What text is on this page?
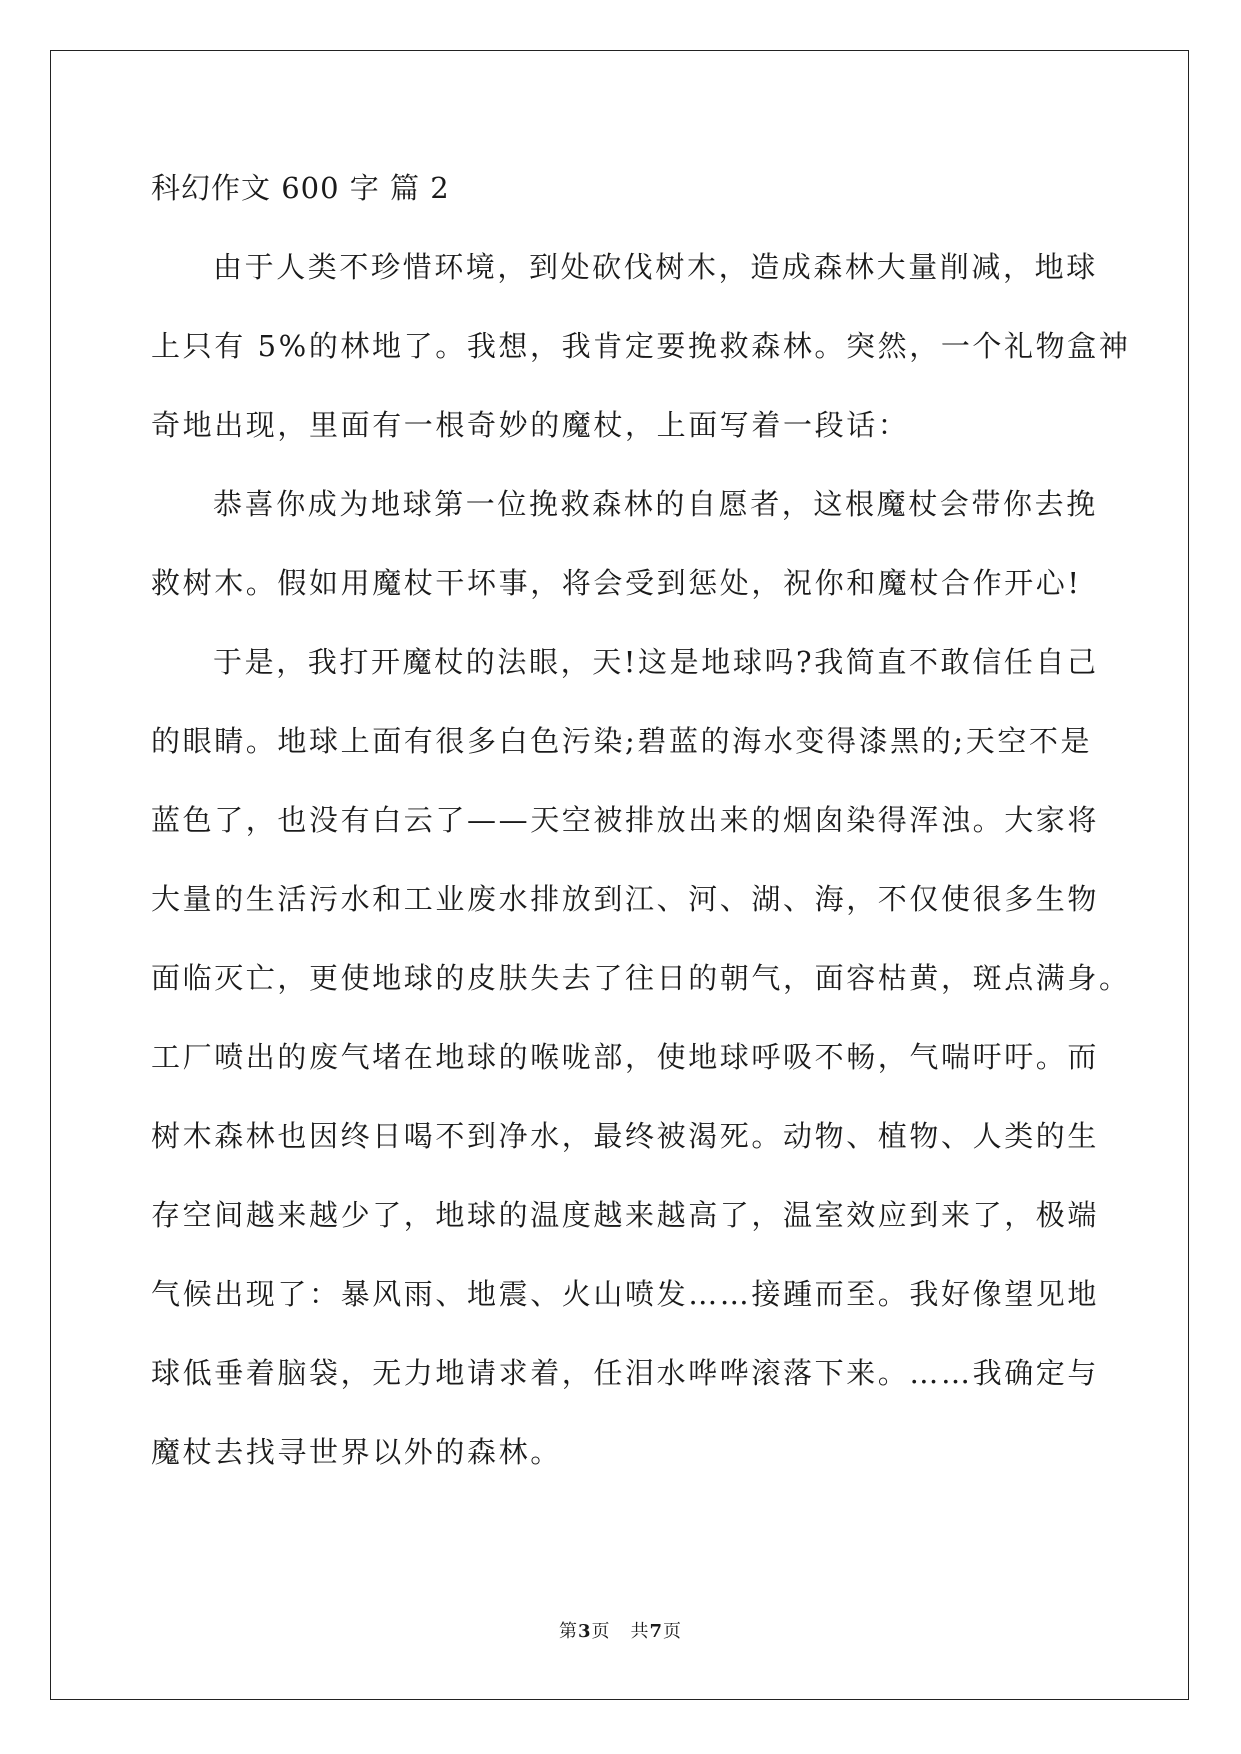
科幻作文 600 字 篇 2
由于人类不珍惜环境，到处砍伐树木，造成森林大量削减，地球
上只有 5%的林地了。我想，我肯定要挽救森林。突然，一个礼物盒神
奇地出现，里面有一根奇妙的魔杖，上面写着一段话：
恭喜你成为地球第一位挽救森林的自愿者，这根魔杖会带你去挽
救树木。假如用魔杖干坏事，将会受到惩处，祝你和魔杖合作开心!
于是，我打开魔杖的法眼，天!这是地球吗?我简直不敢信任自己
的眼睛。地球上面有很多白色污染;碧蓝的海水变得漆黑的;天空不是
蓝色了，也没有白云了——天空被排放出来的烟囱染得浑浊。大家将
大量的生活污水和工业废水排放到江、河、湖、海，不仅使很多生物
面临灭亡，更使地球的皮肤失去了往日的朝气，面容枯黄，斑点满身。
工厂喷出的废气堵在地球的喉咙部，使地球呼吸不畅，气喘吁吁。而
树木森林也因终日喝不到净水，最终被渴死。动物、植物、人类的生
存空间越来越少了，地球的温度越来越高了，温室效应到来了，极端
气候出现了：暴风雨、地震、火山喷发……接踵而至。我好像望见地
球低垂着脑袋，无力地请求着，任泪水哗哗滚落下来。……我确定与
魔杖去找寻世界以外的森林。
第3页 共7页
